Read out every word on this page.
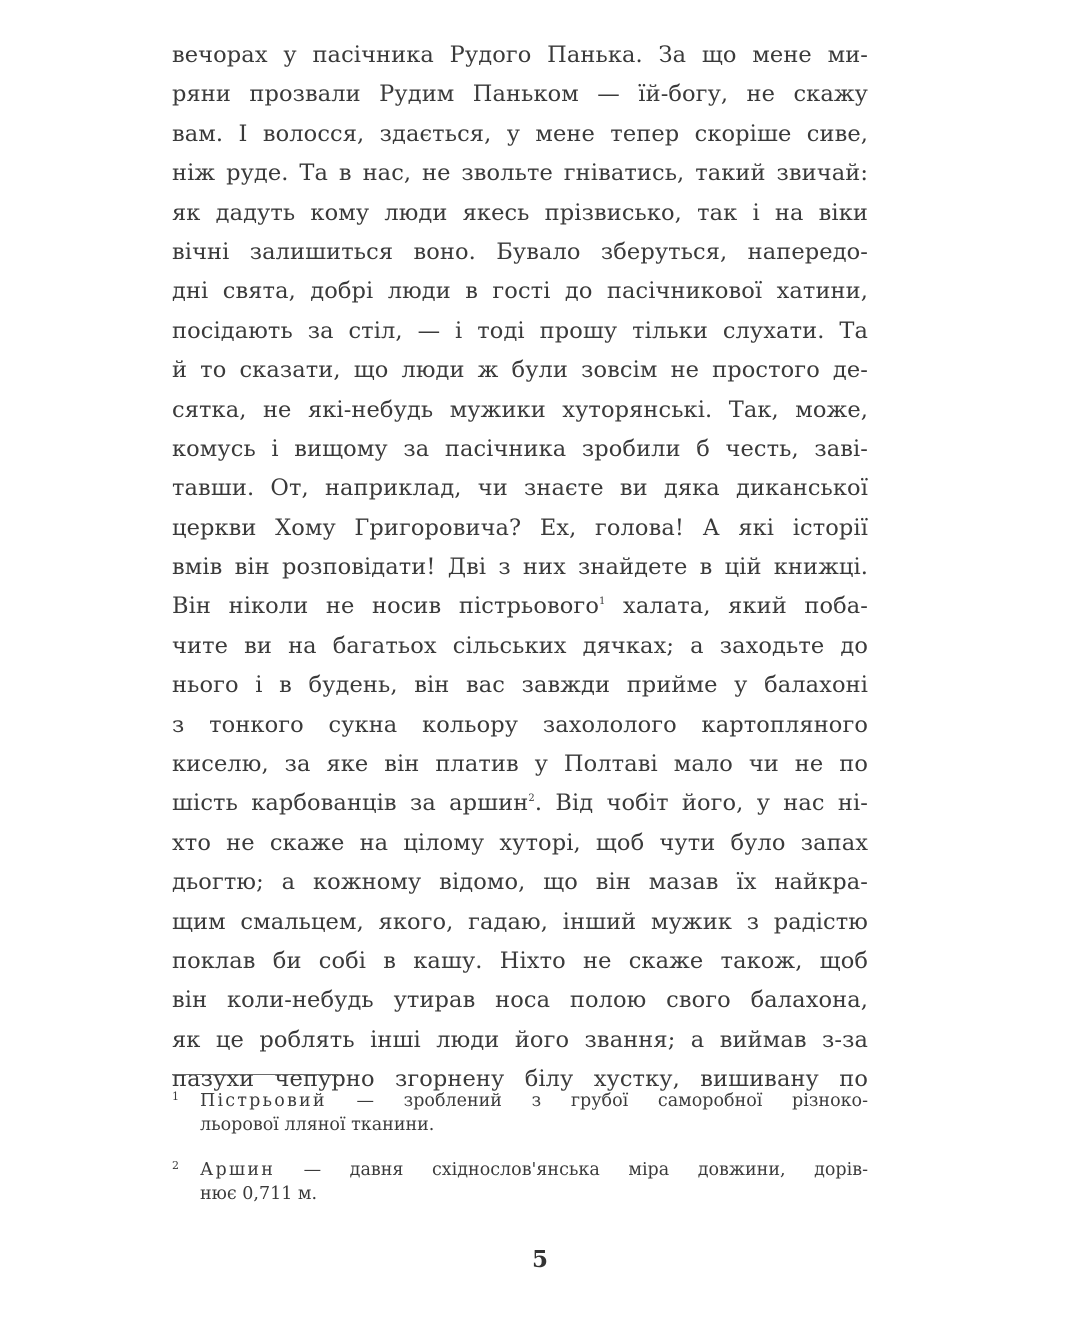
вечорах у пасічника Рудого Панька. За що мене ми-
ряни прозвали Рудим Паньком — їй-богу, не скажу
вам. І волосся, здається, у мене тепер скоріше сиве,
ніж руде. Та в нас, не звольте гніватись, такий звичай:
як дадуть кому люди якесь прізвисько, так і на віки
вічні залишиться воно. Бувало зберуться, напередо-
дні свята, добрі люди в гості до пасічникової хатини,
посідають за стіл, — і тоді прошу тільки слухати. Та
й то сказати, що люди ж були зовсім не простого де-
сятка, не які-небудь мужики хуторянські. Так, може,
комусь і вищому за пасічника зробили б честь, заві-
тавши. От, наприклад, чи знаєте ви дяка диканської
церкви Хому Григоровича? Ех, голова! А які історії
вмів він розповідати! Дві з них знайдете в цій книжці.
Він ніколи не носив пістрьового$^1$ халата, який поба-
чите ви на багатьох сільських дячках; а заходьте до
нього і в будень, він вас завжди прийме у балахоні
з тонкого сукна кольору захололого картопляного
киселю, за яке він платив у Полтаві мало чи не по
шість карбованців за аршин$^2$. Від чобіт його, у нас ні-
хто не скаже на цілому хуторі, щоб чути було запах
дьогтю; а кожному відомо, що він мазав їх найкра-
щим смальцем, якого, гадаю, інший мужик з радістю
поклав би собі в кашу. Ніхто не скаже також, щоб
він коли-небудь утирав носа полою свого балахона,
як це роблять інші люди його звання; а виймав з-за
пазухи чепурно згорнену білу хустку, вишивану по
1 Пістрьовий — зроблений з грубої саморобної різноко-
льорової лляної тканини.
2 Аршин — давня східнослов'янська міра довжини, дорів-
нює 0,711 м.
5
